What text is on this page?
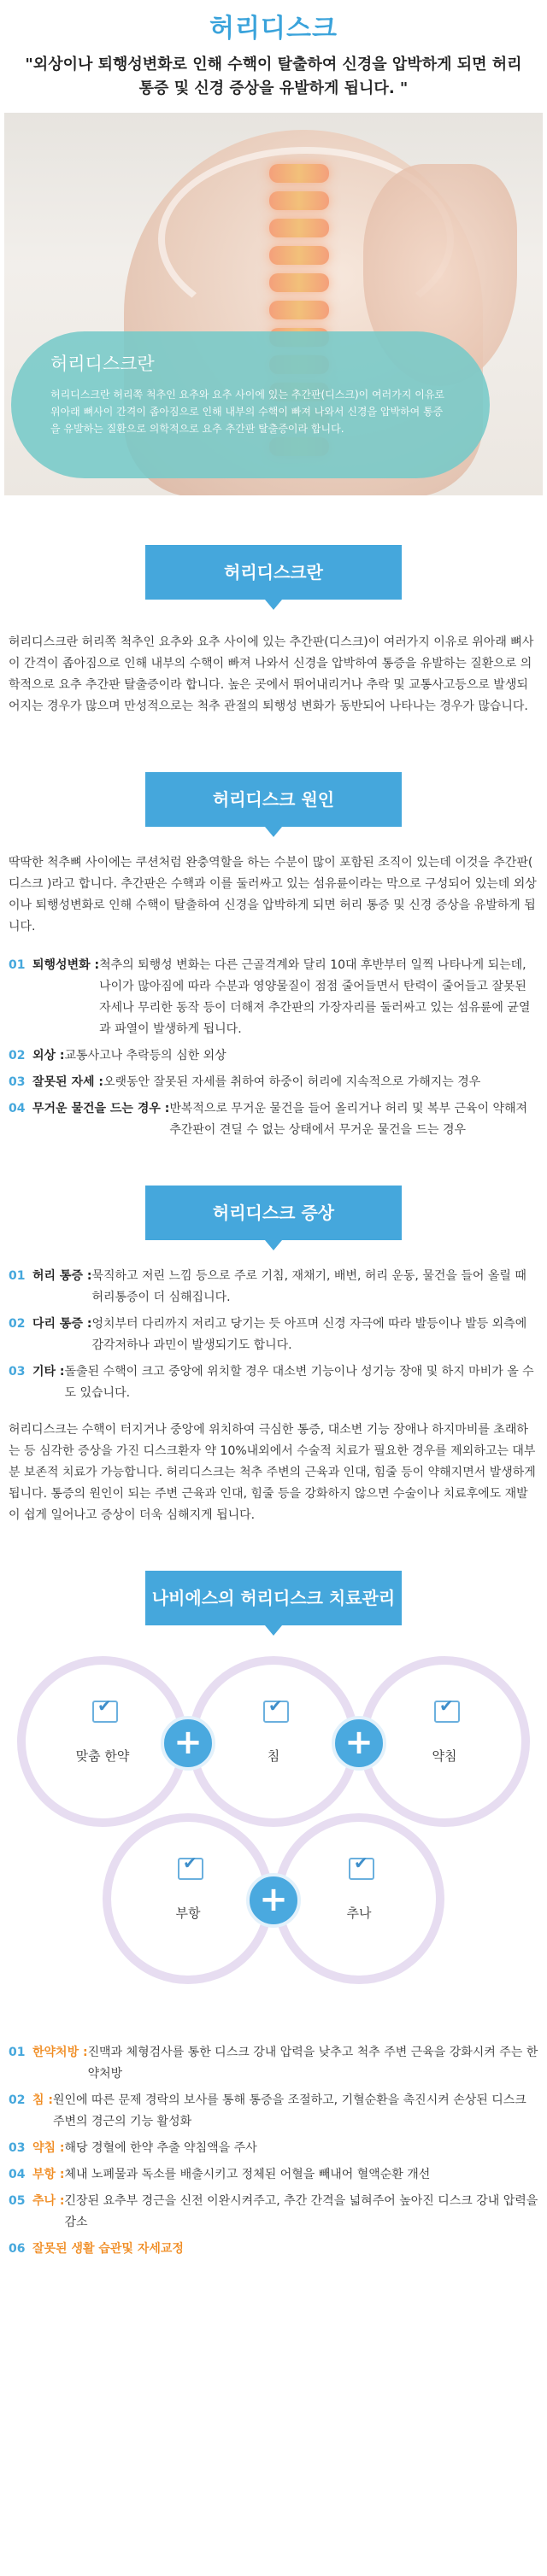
허리디스크

"외상이나 퇴행성변화로 인해 수핵이 탈출하여 신경을 압박하게 되면 허리 통증 및 신경 증상을 유발하게 됩니다. "

허리디스크란

허리디스크란 허리쪽 척추인 요추와 요추 사이에 있는 추간판(디스크)이 여러가지 이유로 위아래 뼈사이 간격이 좁아짐으로 인해 내부의 수핵이 빠져 나와서 신경을 압박하여 통증을 유발하는 질환으로 의학적으로 요추 추간판 탈출증이라 합니다.

허리디스크란

허리디스크란 허리쪽 척추인 요추와 요추 사이에 있는 추간판(디스크)이 여러가지 이유로 위아래 뼈사이 간격이 좁아짐으로 인해 내부의 수핵이 빠져 나와서 신경을 압박하여 통증을 유발하는 질환으로 의학적으로 요추 추간판 탈출증이라 합니다. 높은 곳에서 뛰어내리거나 추락 및 교통사고등으로 발생되어지는 경우가 많으며 만성적으로는 척추 관절의 퇴행성 변화가 동반되어 나타나는 경우가 많습니다.

허리디스크 원인

딱딱한 척추뼈 사이에는 쿠션처럼 완충역할을 하는 수분이 많이 포함된 조직이 있는데 이것을 추간판( 디스크 )라고 합니다. 추간판은 수핵과 이를 둘러싸고 있는 섬유륜이라는 막으로 구성되어 있는데 외상이나 퇴행성변화로 인해 수핵이 탈출하여 신경을 압박하게 되면 허리 통증 및 신경 증상을 유발하게 됩니다.

01 퇴행성변화 : 척추의 퇴행성 변화는 다른 근골격계와 달리 10대 후반부터 일찍 나타나게 되는데, 나이가 많아짐에 따라 수분과 영양물질이 점점 줄어들면서 탄력이 줄어들고 잘못된 자세나 무리한 동작 등이 더해져 추간판의 가장자리를 둘러싸고 있는 섬유륜에 균열과 파열이 발생하게 됩니다.
02 외상 : 교통사고나 추락등의 심한 외상
03 잘못된 자세 : 오랫동안 잘못된 자세를 취하여 하중이 허리에 지속적으로 가해지는 경우
04 무거운 물건을 드는 경우 : 반복적으로 무거운 물건을 들어 올리거나 허리 및 복부 근육이 약해져 추간판이 견딜 수 없는 상태에서 무거운 물건을 드는 경우
허리디스크 증상
01 허리 통증 : 묵직하고 저린 느낌 등으로 주로 기침, 재채기, 배변, 허리 운동, 물건을 들어 올릴 때 허리통증이 더 심해집니다.
02 다리 통증 : 엉치부터 다리까지 저리고 당기는 듯 아프며 신경 자극에 따라 발등이나 발등 외측에 감각저하나 과민이 발생되기도 합니다.
03 기타 : 돌출된 수핵이 크고 중앙에 위치할 경우 대소변 기능이나 성기능 장애 및 하지 마비가 올 수 도 있습니다.

허리디스크는 수핵이 터지거나 중앙에 위치하여 극심한 통증, 대소변 기능 장애나 하지마비를 초래하는 등 심각한 증상을 가진 디스크환자 약 10%내외에서 수술적 치료가 필요한 경우를 제외하고는 대부분 보존적 치료가 가능합니다. 허리디스크는 척추 주변의 근육과 인대, 힘줄 등이 약해지면서 발생하게 됩니다. 통증의 원인이 되는 주변 근육과 인대, 힘줄 등을 강화하지 않으면 수술이나 치료후에도 재발이 쉽게 일어나고 증상이 더욱 심해지게 됩니다.

나비에스의 허리디스크 치료관리
✔
맞춤 한약
✔	침
✔	약침
✔
부항
✔	추나
+	+
+
01 한약처방 : 진맥과 체형검사를 통한 디스크 강내 압력을 낮추고 척추 주변 근육을 강화시켜 주는 한약처방
02 침 : 원인에 따른 문제 경락의 보사를 통해 통증을 조절하고, 기혈순환을 촉진시켜 손상된 디스크 주변의 경근의 기능 활성화
03 약침 : 해당 경혈에 한약 추출 약침액을 주사
04 부항 : 체내 노폐물과 독소를 배출시키고 정체된 어혈을 빼내어 혈액순환 개선
05 추나 : 긴장된 요추부 경근을 신전 이완시켜주고, 추간 간격을 넓혀주어 높아진 디스크 강내 압력을 감소
06 잘못된 생활 습관및 자세교정
